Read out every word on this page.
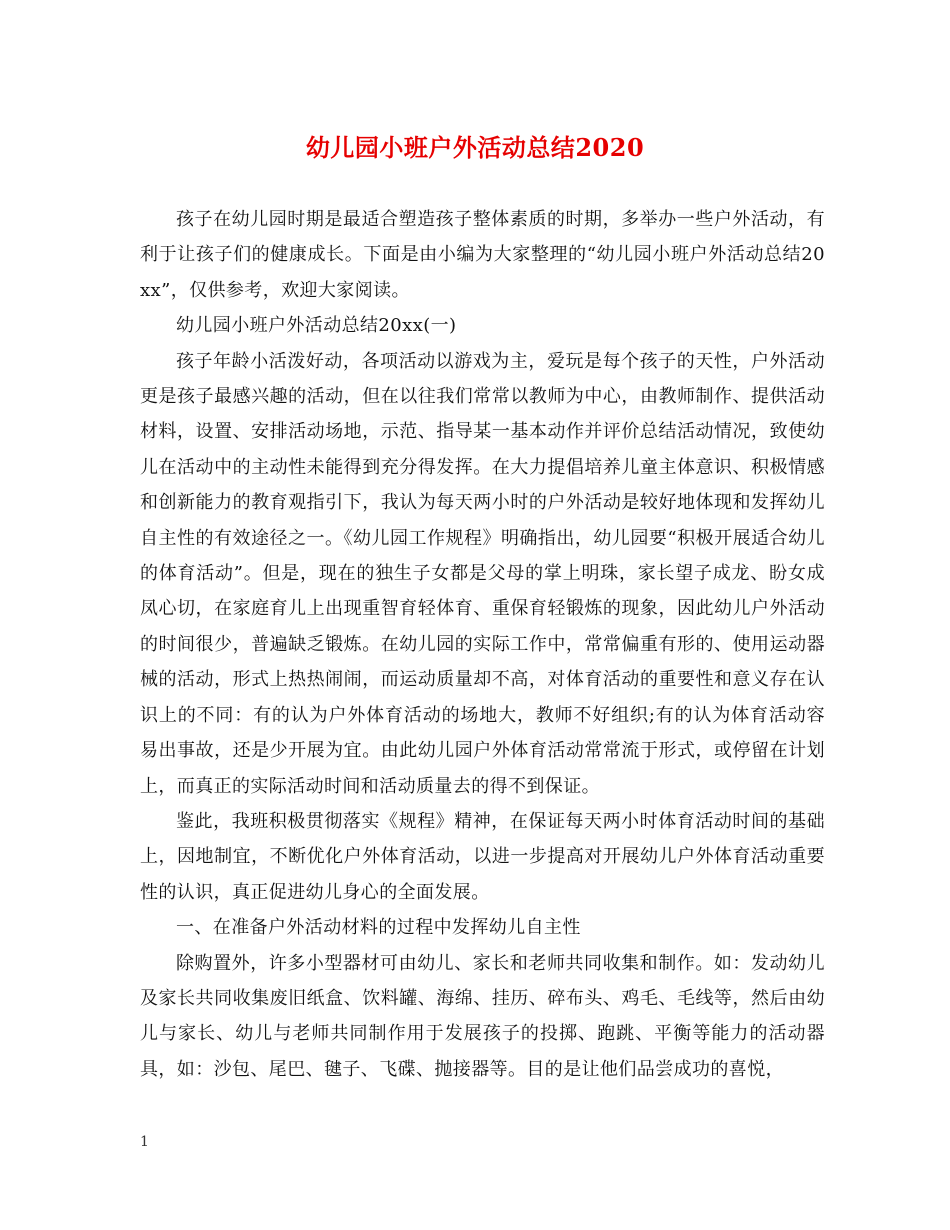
幼儿园小班户外活动总结2020

孩子在幼儿园时期是最适合塑造孩子整体素质的时期，多举办一些户外活动，有利于让孩子们的健康成长。下面是由小编为大家整理的“幼儿园小班户外活动总结20xx”，仅供参考，欢迎大家阅读。

幼儿园小班户外活动总结20xx(一)

孩子年龄小活泼好动，各项活动以游戏为主，爱玩是每个孩子的天性，户外活动更是孩子最感兴趣的活动，但在以往我们常常以教师为中心，由教师制作、提供活动材料，设置、安排活动场地，示范、指导某一基本动作并评价总结活动情况，致使幼儿在活动中的主动性未能得到充分得发挥。在大力提倡培养儿童主体意识、积极情感和创新能力的教育观指引下，我认为每天两小时的户外活动是较好地体现和发挥幼儿自主性的有效途径之一。《幼儿园工作规程》明确指出，幼儿园要“积极开展适合幼儿的体育活动”。但是，现在的独生子女都是父母的掌上明珠，家长望子成龙、盼女成凤心切，在家庭育儿上出现重智育轻体育、重保育轻锻炼的现象，因此幼儿户外活动的时间很少，普遍缺乏锻炼。在幼儿园的实际工作中，常常偏重有形的、使用运动器械的活动，形式上热热闹闹，而运动质量却不高，对体育活动的重要性和意义存在认识上的不同：有的认为户外体育活动的场地大，教师不好组织;有的认为体育活动容易出事故，还是少开展为宜。由此幼儿园户外体育活动常常流于形式，或停留在计划上，而真正的实际活动时间和活动质量去的得不到保证。

鉴此，我班积极贯彻落实《规程》精神，在保证每天两小时体育活动时间的基础上，因地制宜，不断优化户外体育活动，以进一步提高对开展幼儿户外体育活动重要性的认识，真正促进幼儿身心的全面发展。

一、在准备户外活动材料的过程中发挥幼儿自主性

除购置外，许多小型器材可由幼儿、家长和老师共同收集和制作。如：发动幼儿及家长共同收集废旧纸盒、饮料罐、海绵、挂历、碎布头、鸡毛、毛线等，然后由幼儿与家长、幼儿与老师共同制作用于发展孩子的投掷、跑跳、平衡等能力的活动器具，如：沙包、尾巴、毽子、飞碟、抛接器等。目的是让他们品尝成功的喜悦，

1
